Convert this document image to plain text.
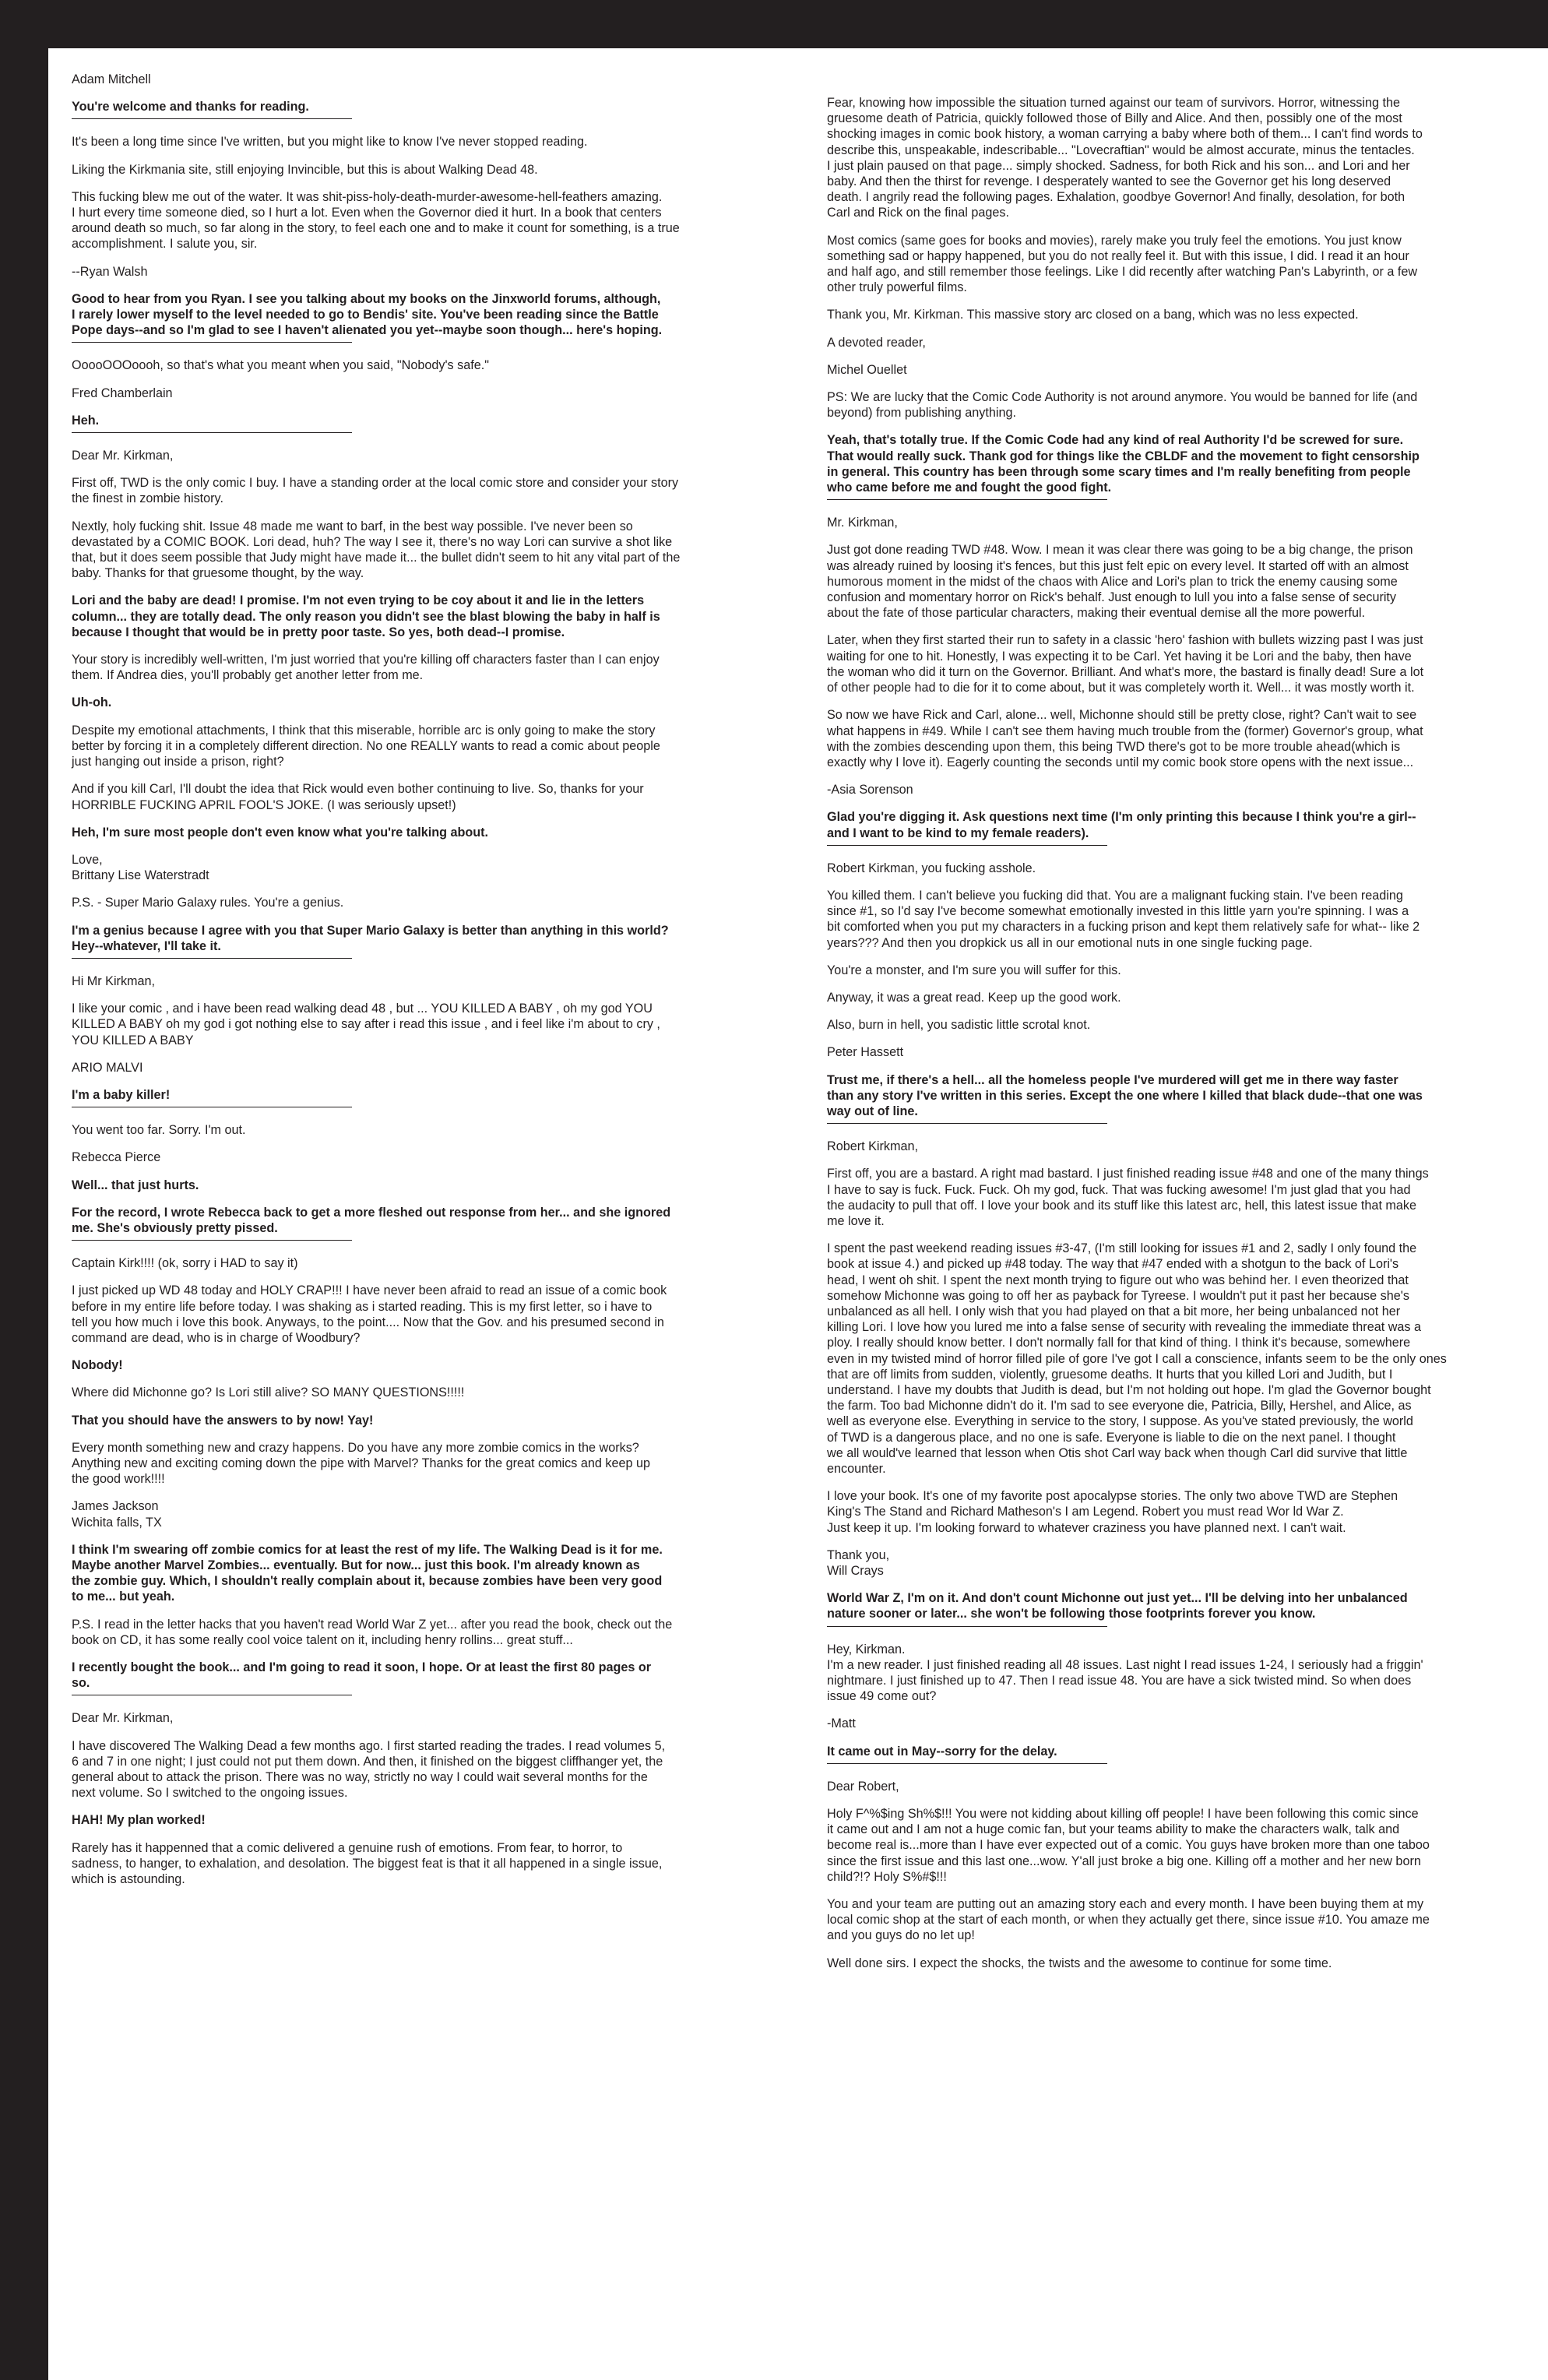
Adam Mitchell

You're welcome and thanks for reading.

It's been a long time since I've written, but you might like to know I've never stopped reading.

Liking the Kirkmania site, still enjoying Invincible, but this is about Walking Dead 48.

This fucking blew me out of the water. It was shit-piss-holy-death-murder-awesome-hell-feathers amazing.
I hurt every time someone died, so I hurt a lot. Even when the Governor died it hurt. In a book that centers
around death so much, so far along in the story, to feel each one and to make it count for something, is a true
accomplishment. I salute you, sir.

--Ryan Walsh

Good to hear from you Ryan. I see you talking about my books on the Jinxworld forums, although,
I rarely lower myself to the level needed to go to Bendis' site. You've been reading since the Battle
Pope days--and so I'm glad to see I haven't alienated you yet--maybe soon though... here's hoping.

OoooOOOoooh, so that's what you meant when you said, "Nobody's safe."

Fred Chamberlain

Heh.

Dear Mr. Kirkman,

First off, TWD is the only comic I buy. I have a standing order at the local comic store and consider your story
the finest in zombie history.

Nextly, holy fucking shit. Issue 48 made me want to barf, in the best way possible. I've never been so
devastated by a COMIC BOOK. Lori dead, huh? The way I see it, there's no way Lori can survive a shot like
that, but it does seem possible that Judy might have made it... the bullet didn't seem to hit any vital part of the
baby. Thanks for that gruesome thought, by the way.

Lori and the baby are dead! I promise. I'm not even trying to be coy about it and lie in the letters
column... they are totally dead. The only reason you didn't see the blast blowing the baby in half is
because I thought that would be in pretty poor taste. So yes, both dead--I promise.

Your story is incredibly well-written, I'm just worried that you're killing off characters faster than I can enjoy
them. If Andrea dies, you'll probably get another letter from me.

Uh-oh.

Despite my emotional attachments, I think that this miserable, horrible arc is only going to make the story
better by forcing it in a completely different direction. No one REALLY wants to read a comic about people
just hanging out inside a prison, right?

And if you kill Carl, I'll doubt the idea that Rick would even bother continuing to live. So, thanks for your
HORRIBLE FUCKING APRIL FOOL'S JOKE. (I was seriously upset!)

Heh, I'm sure most people don't even know what you're talking about.

Love,
Brittany Lise Waterstradt

P.S. - Super Mario Galaxy rules. You're a genius.

I'm a genius because I agree with you that Super Mario Galaxy is better than anything in this world?
Hey--whatever, I'll take it.

Hi Mr Kirkman,

I like your comic , and i have been read walking dead 48 , but ... YOU KILLED A BABY , oh my god YOU
KILLED A BABY oh my god i got nothing else to say after i read this issue , and i feel like i'm about to cry ,
YOU KILLED A BABY

ARIO MALVI

I'm a baby killer!

You went too far. Sorry. I'm out.

Rebecca Pierce

Well... that just hurts.

For the record, I wrote Rebecca back to get a more fleshed out response from her... and she ignored
me. She's obviously pretty pissed.

Captain Kirk!!!! (ok, sorry i HAD to say it)

I just picked up WD 48 today and HOLY CRAP!!! I have never been afraid to read an issue of a comic book
before in my entire life before today. I was shaking as i started reading. This is my first letter, so i have to
tell you how much i love this book. Anyways, to the point.... Now that the Gov. and his presumed second in
command are dead, who is in charge of Woodbury?

Nobody!

Where did Michonne go? Is Lori still alive? SO MANY QUESTIONS!!!!!

That you should have the answers to by now! Yay!

Every month something new and crazy happens. Do you have any more zombie comics in the works?
Anything new and exciting coming down the pipe with Marvel? Thanks for the great comics and keep up
the good work!!!!

James Jackson
Wichita falls, TX

I think I'm swearing off zombie comics for at least the rest of my life. The Walking Dead is it for me.
Maybe another Marvel Zombies... eventually. But for now... just this book. I'm already known as
the zombie guy. Which, I shouldn't really complain about it, because zombies have been very good
to me... but yeah.

P.S. I read in the letter hacks that you haven't read World War Z yet... after you read the book, check out the
book on CD, it has some really cool voice talent on it, including henry rollins... great stuff...

I recently bought the book... and I'm going to read it soon, I hope. Or at least the first 80 pages or
so.

Dear Mr. Kirkman,

I have discovered The Walking Dead a few months ago. I first started reading the trades. I read volumes 5,
6 and 7 in one night; I just could not put them down. And then, it finished on the biggest cliffhanger yet, the
general about to attack the prison. There was no way, strictly no way I could wait several months for the
next volume. So I switched to the ongoing issues.

HAH! My plan worked!

Rarely has it happenned that a comic delivered a genuine rush of emotions. From fear, to horror, to
sadness, to hanger, to exhalation, and desolation. The biggest feat is that it all happened in a single issue,
which is astounding.

Fear, knowing how impossible the situation turned against our team of survivors. Horror, witnessing the
gruesome death of Patricia, quickly followed those of Billy and Alice. And then, possibly one of the most
shocking images in comic book history, a woman carrying a baby where both of them... I can't find words to
describe this, unspeakable, indescribable... "Lovecraftian" would be almost accurate, minus the tentacles.
I just plain paused on that page... simply shocked. Sadness, for both Rick and his son... and Lori and her
baby. And then the thirst for revenge. I desperately wanted to see the Governor get his long deserved
death. I angrily read the following pages. Exhalation, goodbye Governor! And finally, desolation, for both
Carl and Rick on the final pages.

Most comics (same goes for books and movies), rarely make you truly feel the emotions. You just know
something sad or happy happened, but you do not really feel it. But with this issue, I did. I read it an hour
and half ago, and still remember those feelings. Like I did recently after watching Pan's Labyrinth, or a few
other truly powerful films.

Thank you, Mr. Kirkman. This massive story arc closed on a bang, which was no less expected.

A devoted reader,

Michel Ouellet

PS: We are lucky that the Comic Code Authority is not around anymore. You would be banned for life (and
beyond) from publishing anything.

Yeah, that's totally true. If the Comic Code had any kind of real Authority I'd be screwed for sure.
That would really suck. Thank god for things like the CBLDF and the movement to fight censorship
in general. This country has been through some scary times and I'm really benefiting from people
who came before me and fought the good fight.

Mr. Kirkman,

Just got done reading TWD #48. Wow. I mean it was clear there was going to be a big change, the prison
was already ruined by loosing it's fences, but this just felt epic on every level. It started off with an almost
humorous moment in the midst of the chaos with Alice and Lori's plan to trick the enemy causing some
confusion and momentary horror on Rick's behalf. Just enough to lull you into a false sense of security
about the fate of those particular characters, making their eventual demise all the more powerful.

Later, when they first started their run to safety in a classic 'hero' fashion with bullets wizzing past I was just
waiting for one to hit. Honestly, I was expecting it to be Carl. Yet having it be Lori and the baby, then have
the woman who did it turn on the Governor. Brilliant. And what's more, the bastard is finally dead! Sure a lot
of other people had to die for it to come about, but it was completely worth it. Well... it was mostly worth it.

So now we have Rick and Carl, alone... well, Michonne should still be pretty close, right? Can't wait to see
what happens in #49. While I can't see them having much trouble from the (former) Governor's group, what
with the zombies descending upon them, this being TWD there's got to be more trouble ahead(which is
exactly why I love it). Eagerly counting the seconds until my comic book store opens with the next issue...

-Asia Sorenson

Glad you're digging it. Ask questions next time (I'm only printing this because I think you're a girl--
and I want to be kind to my female readers).

Robert Kirkman, you fucking asshole.

You killed them. I can't believe you fucking did that. You are a malignant fucking stain. I've been reading
since #1, so I'd say I've become somewhat emotionally invested in this little yarn you're spinning. I was a
bit comforted when you put my characters in a fucking prison and kept them relatively safe for what-- like 2
years??? And then you dropkick us all in our emotional nuts in one single fucking page.

You're a monster, and I'm sure you will suffer for this.

Anyway, it was a great read. Keep up the good work.

Also, burn in hell, you sadistic little scrotal knot.

Peter Hassett

Trust me, if there's a hell... all the homeless people I've murdered will get me in there way faster
than any story I've written in this series. Except the one where I killed that black dude--that one was
way out of line.

Robert Kirkman,

First off, you are a bastard. A right mad bastard. I just finished reading issue #48 and one of the many things
I have to say is fuck. Fuck. Fuck. Oh my god, fuck. That was fucking awesome! I'm just glad that you had
the audacity to pull that off. I love your book and its stuff like this latest arc, hell, this latest issue that make
me love it.

I spent the past weekend reading issues #3-47, (I'm still looking for issues #1 and 2, sadly I only found the
book at issue 4.) and picked up #48 today. The way that #47 ended with a shotgun to the back of Lori's
head, I went oh shit. I spent the next month trying to figure out who was behind her. I even theorized that
somehow Michonne was going to off her as payback for Tyreese. I wouldn't put it past her because she's
unbalanced as all hell. I only wish that you had played on that a bit more, her being unbalanced not her
killing Lori. I love how you lured me into a false sense of security with revealing the immediate threat was a
ploy. I really should know better. I don't normally fall for that kind of thing. I think it's because, somewhere
even in my twisted mind of horror filled pile of gore I've got I call a conscience, infants seem to be the only ones
that are off limits from sudden, violently, gruesome deaths. It hurts that you killed Lori and Judith, but I
understand. I have my doubts that Judith is dead, but I'm not holding out hope. I'm glad the Governor bought
the farm. Too bad Michonne didn't do it. I'm sad to see everyone die, Patricia, Billy, Hershel, and Alice, as
well as everyone else. Everything in service to the story, I suppose. As you've stated previously, the world
of TWD is a dangerous place, and no one is safe. Everyone is liable to die on the next panel. I thought
we all would've learned that lesson when Otis shot Carl way back when though Carl did survive that little
encounter.

I love your book. It's one of my favorite post apocalypse stories. The only two above TWD are Stephen
King's The Stand and Richard Matheson's I am Legend. Robert you must read Wor ld War Z.
Just keep it up. I'm looking forward to whatever craziness you have planned next. I can't wait.

Thank you,
Will Crays

World War Z, I'm on it. And don't count Michonne out just yet... I'll be delving into her unbalanced
nature sooner or later... she won't be following those footprints forever you know.

Hey, Kirkman.
I'm a new reader. I just finished reading all 48 issues. Last night I read issues 1-24, I seriously had a friggin'
nightmare. I just finished up to 47. Then I read issue 48. You are have a sick twisted mind. So when does
issue 49 come out?

-Matt

It came out in May--sorry for the delay.

Dear Robert,

Holy F^%$ing Sh%$!!! You were not kidding about killing off people! I have been following this comic since
it came out and I am not a huge comic fan, but your teams ability to make the characters walk, talk and
become real is...more than I have ever expected out of a comic. You guys have broken more than one taboo
since the first issue and this last one...wow. Y'all just broke a big one. Killing off a mother and her new born
child?!? Holy S%#$!!!

You and your team are putting out an amazing story each and every month. I have been buying them at my
local comic shop at the start of each month, or when they actually get there, since issue #10. You amaze me
and you guys do no let up!

Well done sirs. I expect the shocks, the twists and the awesome to continue for some time.
